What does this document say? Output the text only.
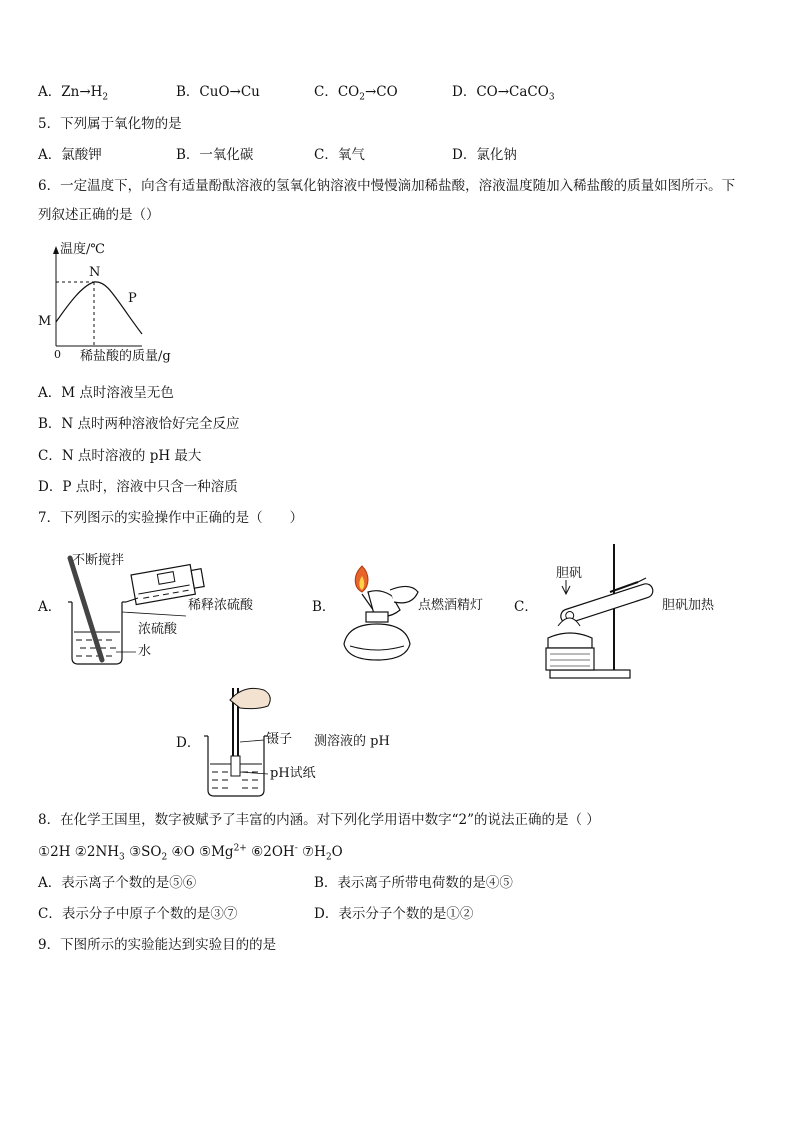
A．$Zn\to H_2$	B．CuO→Cu	C．$CO_2\to CO$	D．CO→CaCO$_3$
5．下列属于氧化物的是
A．氯酸钾	B．一氧化碳	C．氧气	D．氯化钠
6．一定温度下，向含有适量酚酞溶液的氢氧化钠溶液中慢慢滴加稀盐酸，溶液温度随加入稀盐酸的质量如图所示。下
列叙述正确的是（）
温度/℃
N
P
M
0 稀盐酸的质量/g
A．M 点时溶液呈无色
B．N 点时两种溶液恰好完全反应
C．N 点时溶液的 pH 最大
D．P 点时，溶液中只含一种溶质
7．下列图示的实验操作中正确的是（　　）
A．
不断搅拌
稀释浓硫酸
浓硫酸
水
B．	点燃酒精灯 C．
胆矾
胆矾加热
D．	镊子 测溶液的 pH
pH试纸
8．在化学王国里，数字被赋予了丰富的内涵。对下列化学用语中数字“2”的说法正确的是（ ）
①2H $②2NH_3$ $③SO_2$ ④O $⑤Mg^{2+}$ ⑥2OH- $⑦H_2O$
A．表示离子个数的是⑤⑥	B．表示离子所带电荷数的是④⑤
C．表示分子中原子个数的是③⑦	D．表示分子个数的是①②
9．下图所示的实验能达到实验目的的是
